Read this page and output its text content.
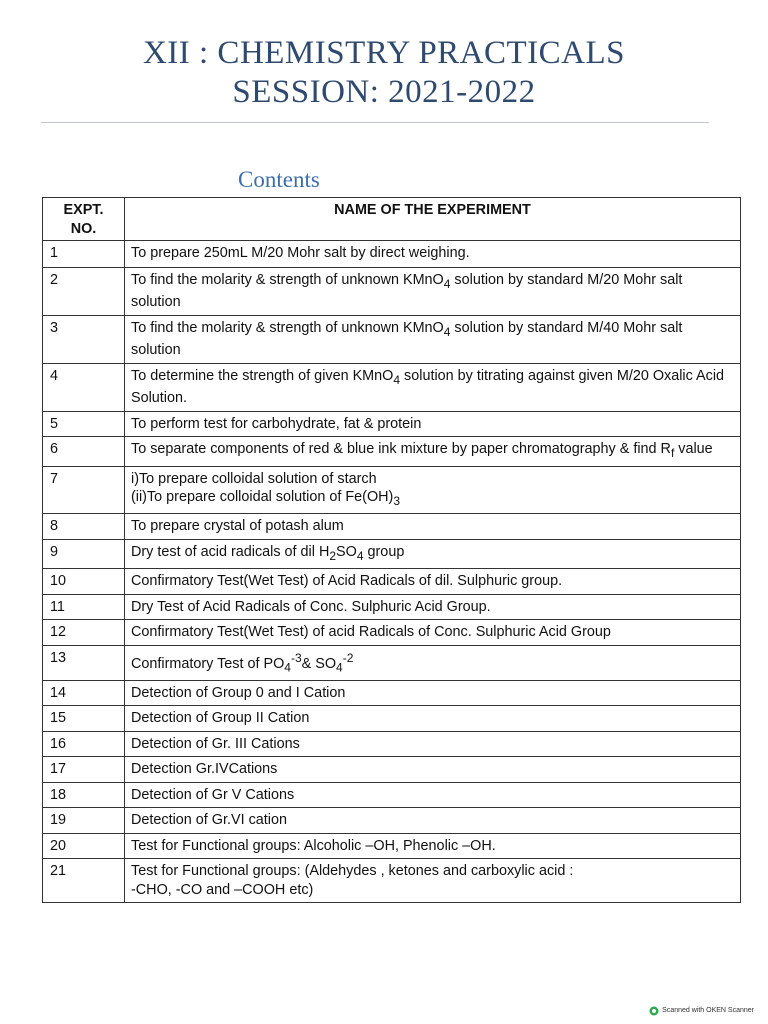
XII : CHEMISTRY PRACTICALS
SESSION: 2021-2022
Contents
EXPT.
NO.	NAME OF THE EXPERIMENT
1	To prepare 250mL M/20 Mohr salt by direct weighing.
2	To find the molarity & strength of unknown KMnO$_4$ solution by standard M/20 Mohr salt solution
3	To find the molarity & strength of unknown KMnO$_4$ solution by standard M/40 Mohr salt solution
4	To determine the strength of given KMnO$_4$ solution by titrating against given M/20 Oxalic Acid Solution.
5	To perform test for carbohydrate, fat & protein
6	To separate components of red & blue ink mixture by paper chromatography & find $R_f$ value
7	i)To prepare colloidal solution of starch
(ii)To prepare colloidal solution of $Fe(OH)_3$

8	To prepare crystal of potash alum
9	Dry test of acid radicals of dil $H_2SO_4$ group
10	Confirmatory Test(Wet Test) of Acid Radicals of dil. Sulphuric group.
11	Dry Test of Acid Radicals of Conc. Sulphuric Acid Group.
12	Confirmatory Test(Wet Test) of acid Radicals of Conc. Sulphuric Acid Group
13	Confirmatory Test of $PO_4^{-3}\&$ $SO_4^{-2}$
14	Detection of Group 0 and I Cation
15	Detection of Group II Cation
16	Detection of Gr. III Cations
17	Detection Gr.IVCations
18	Detection of Gr V Cations
19	Detection of Gr.VI cation
20	Test for Functional groups: Alcoholic –OH, Phenolic –OH.
21	Test for Functional groups: (Aldehydes , ketones and carboxylic acid :
-CHO, -CO and –COOH etc)
Scanned with OKEN Scanner
